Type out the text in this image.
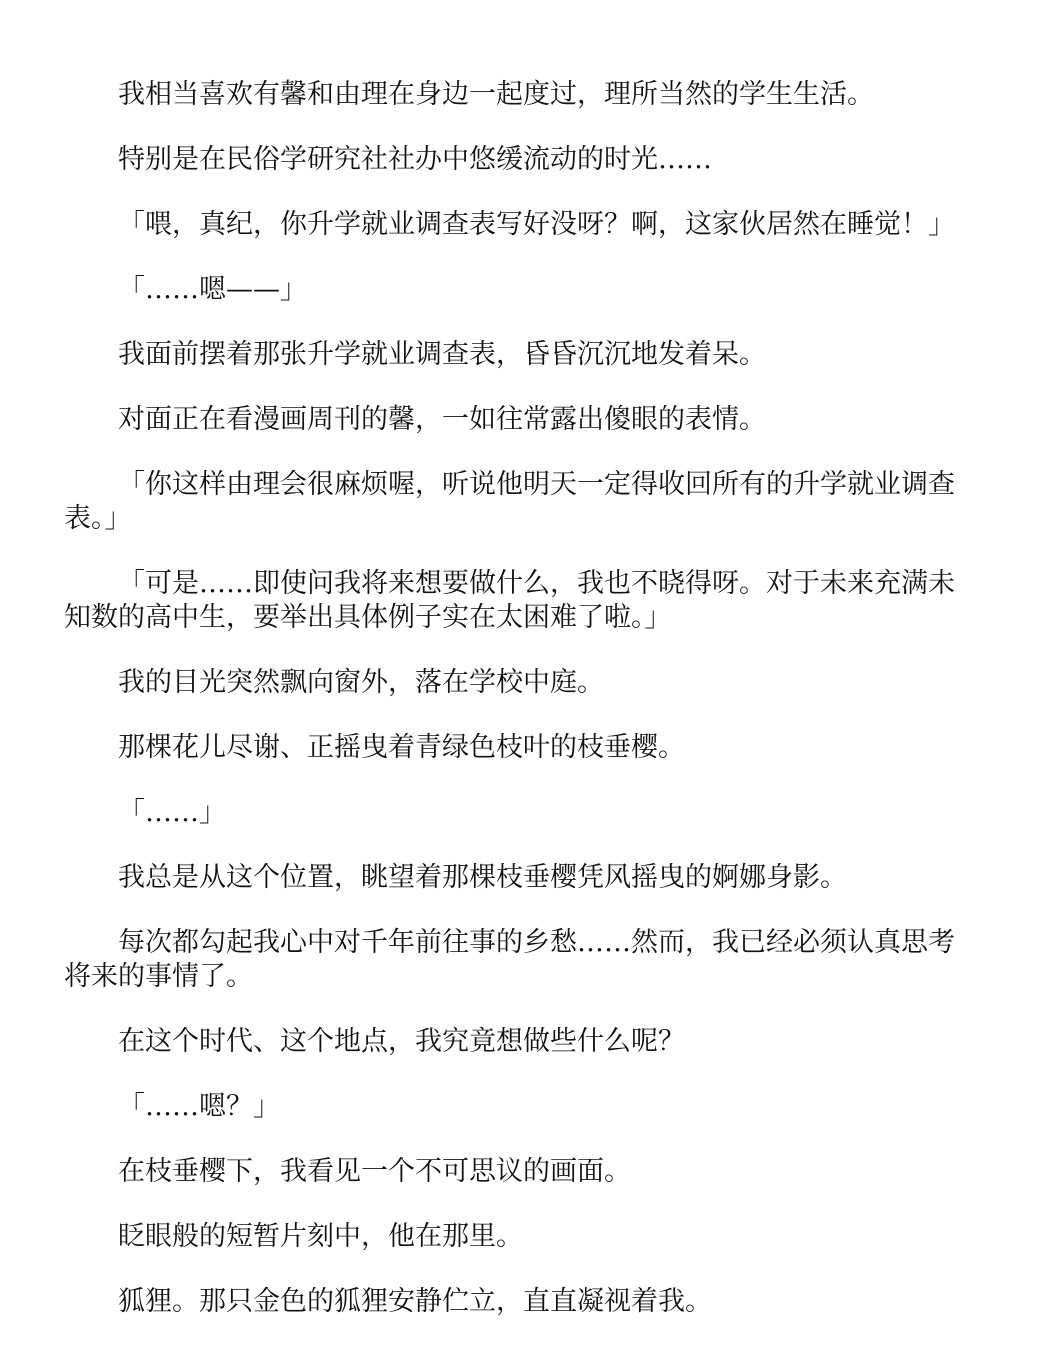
我相当喜欢有馨和由理在身边一起度过，理所当然的学生生活。

特别是在民俗学研究社社办中悠缓流动的时光……

「喂，真纪，你升学就业调查表写好没呀？啊，这家伙居然在睡觉！」

「……嗯——」

我面前摆着那张升学就业调查表，昏昏沉沉地发着呆。

对面正在看漫画周刊的馨，一如往常露出傻眼的表情。

「你这样由理会很麻烦喔，听说他明天一定得收回所有的升学就业调查表。」

「可是……即使问我将来想要做什么，我也不晓得呀。对于未来充满未知数的高中生，要举出具体例子实在太困难了啦。」

我的目光突然飘向窗外，落在学校中庭。

那棵花儿尽谢、正摇曳着青绿色枝叶的枝垂樱。

「……」

我总是从这个位置，眺望着那棵枝垂樱凭风摇曳的婀娜身影。

每次都勾起我心中对千年前往事的乡愁……然而，我已经必须认真思考将来的事情了。

在这个时代、这个地点，我究竟想做些什么呢？

「……嗯？」

在枝垂樱下，我看见一个不可思议的画面。

眨眼般的短暂片刻中，他在那里。

狐狸。那只金色的狐狸安静伫立，直直凝视着我。
